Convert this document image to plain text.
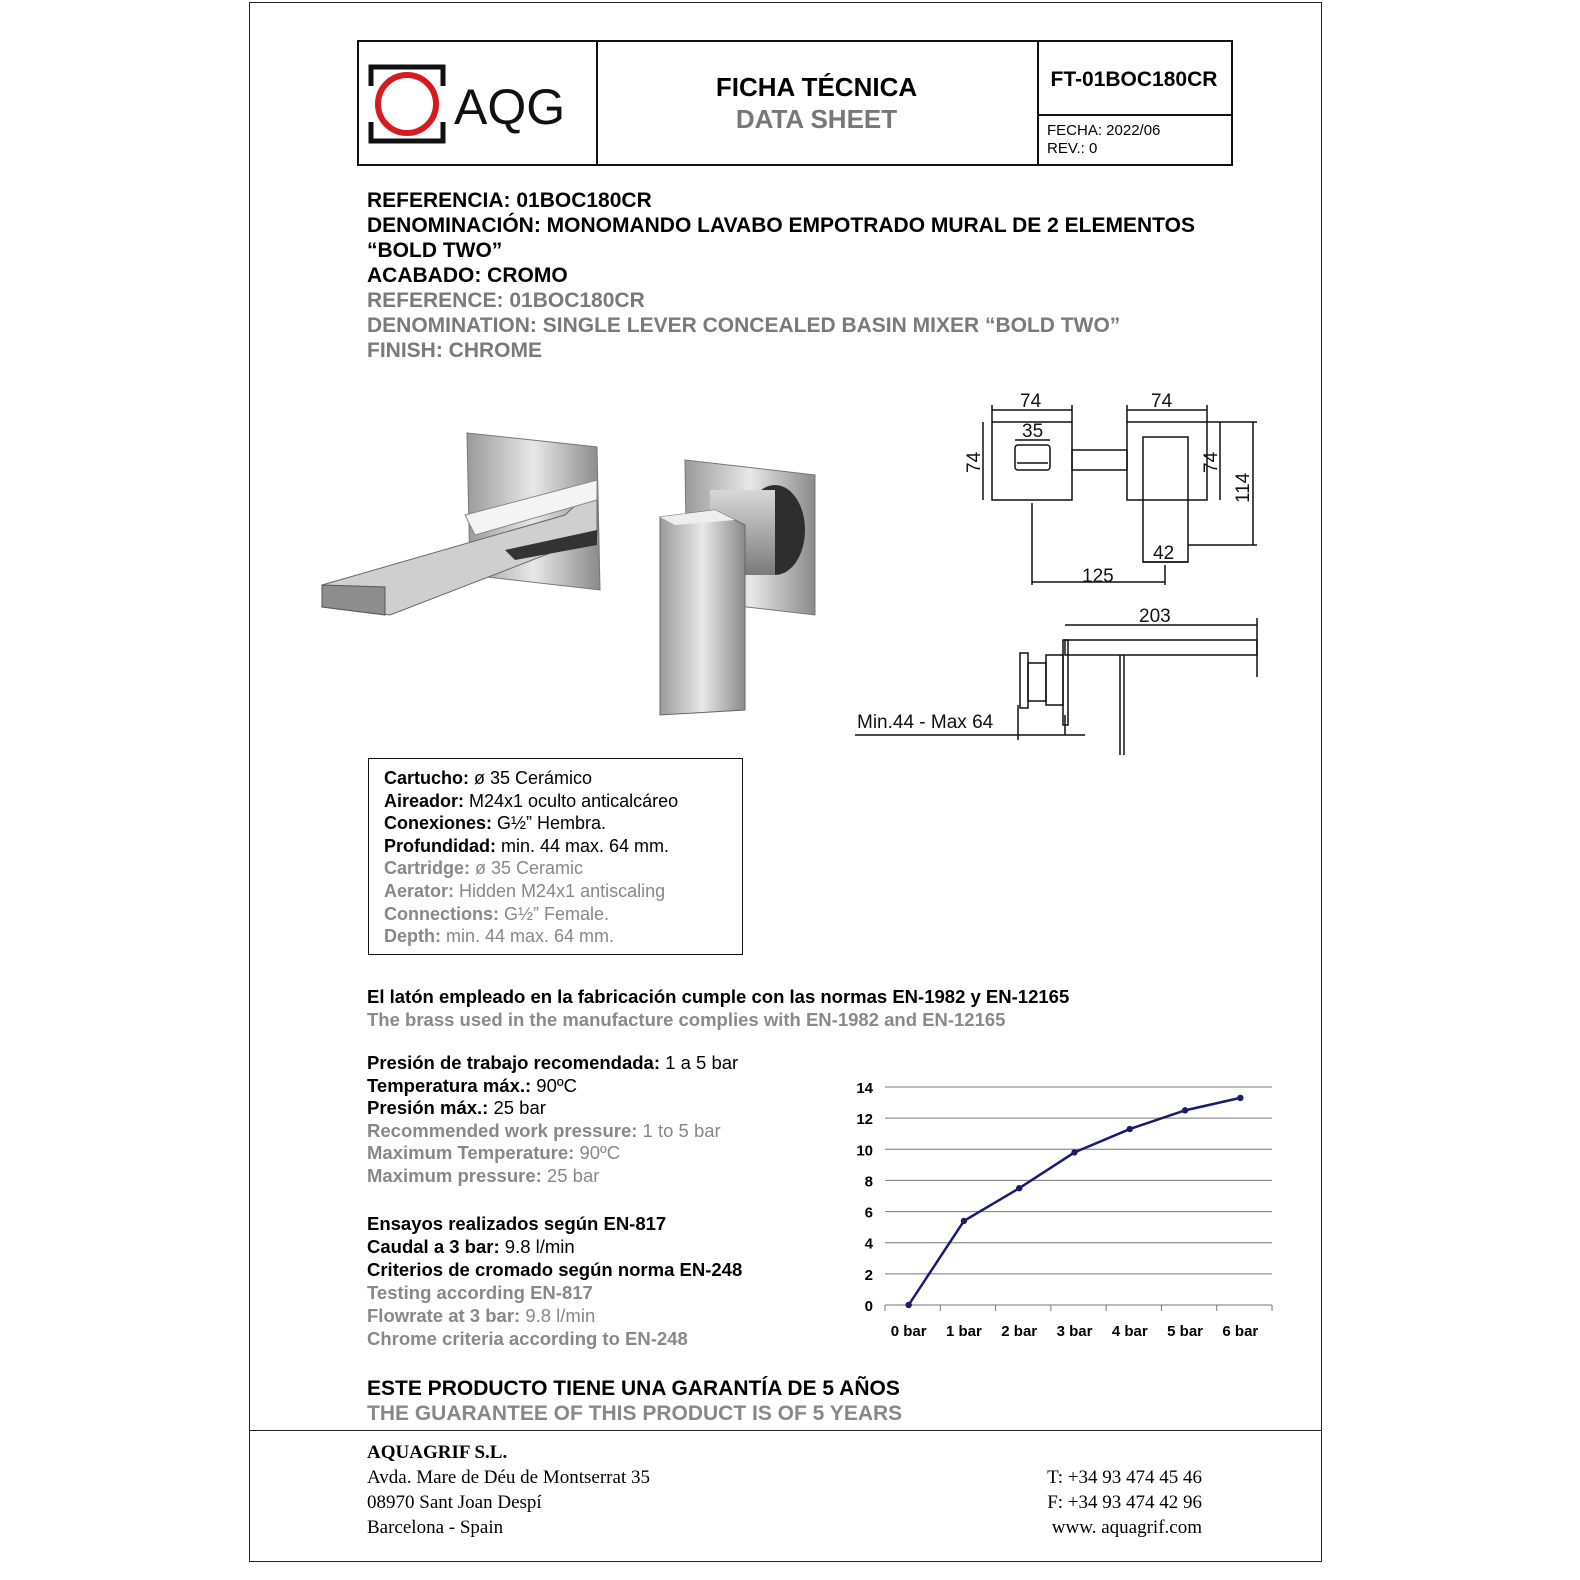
AQG	FICHA TÉCNICA
DATA SHEET
FT-01BOC180CR
FECHA: 2022/06
REV.: 0
REFERENCIA: 01BOC180CR
DENOMINACIÓN: MONOMANDO LAVABO EMPOTRADO MURAL DE 2 ELEMENTOS
“BOLD TWO”
ACABADO: CROMO
REFERENCE: 01BOC180CR
DENOMINATION: SINGLE LEVER CONCEALED BASIN MIXER “BOLD TWO”
FINISH: CHROME
74	74
35
74	74
114
42
125
203
Min.44 - Max 64
Cartucho: ø 35 Cerámico
Aireador: M24x1 oculto anticalcáreo
Conexiones: G½” Hembra.
Profundidad: min. 44 max. 64 mm.
Cartridge: ø 35 Ceramic
Aerator: Hidden M24x1 antiscaling
Connections: G½” Female.
Depth: min. 44 max. 64 mm.
El latón empleado en la fabricación cumple con las normas EN-1982 y EN-12165
The brass used in the manufacture complies with EN-1982 and EN-12165
Presión de trabajo recomendada: 1 a 5 bar
Temperatura máx.: 90ºC
Presión máx.: 25 bar
Recommended work pressure: 1 to 5 bar
Maximum Temperature: 90ºC
Maximum pressure: 25 bar
Ensayos realizados según EN-817
Caudal a 3 bar: 9.8 l/min
Criterios de cromado según norma EN-248
Testing according EN-817
Flowrate at 3 bar: 9.8 l/min
Chrome criteria according to EN-248
0
2
4
6
8
10
12
14
0 bar 1 bar 2 bar 3 bar 4 bar 5 bar 6 bar
ESTE PRODUCTO TIENE UNA GARANTÍA DE 5 AÑOS
THE GUARANTEE OF THIS PRODUCT IS OF 5 YEARS
AQUAGRIF S.L.
Avda. Mare de Déu de Montserrat 35
08970 Sant Joan Despí
Barcelona - Spain
T: +34 93 474 45 46
F: +34 93 474 42 96
www. aquagrif.com
